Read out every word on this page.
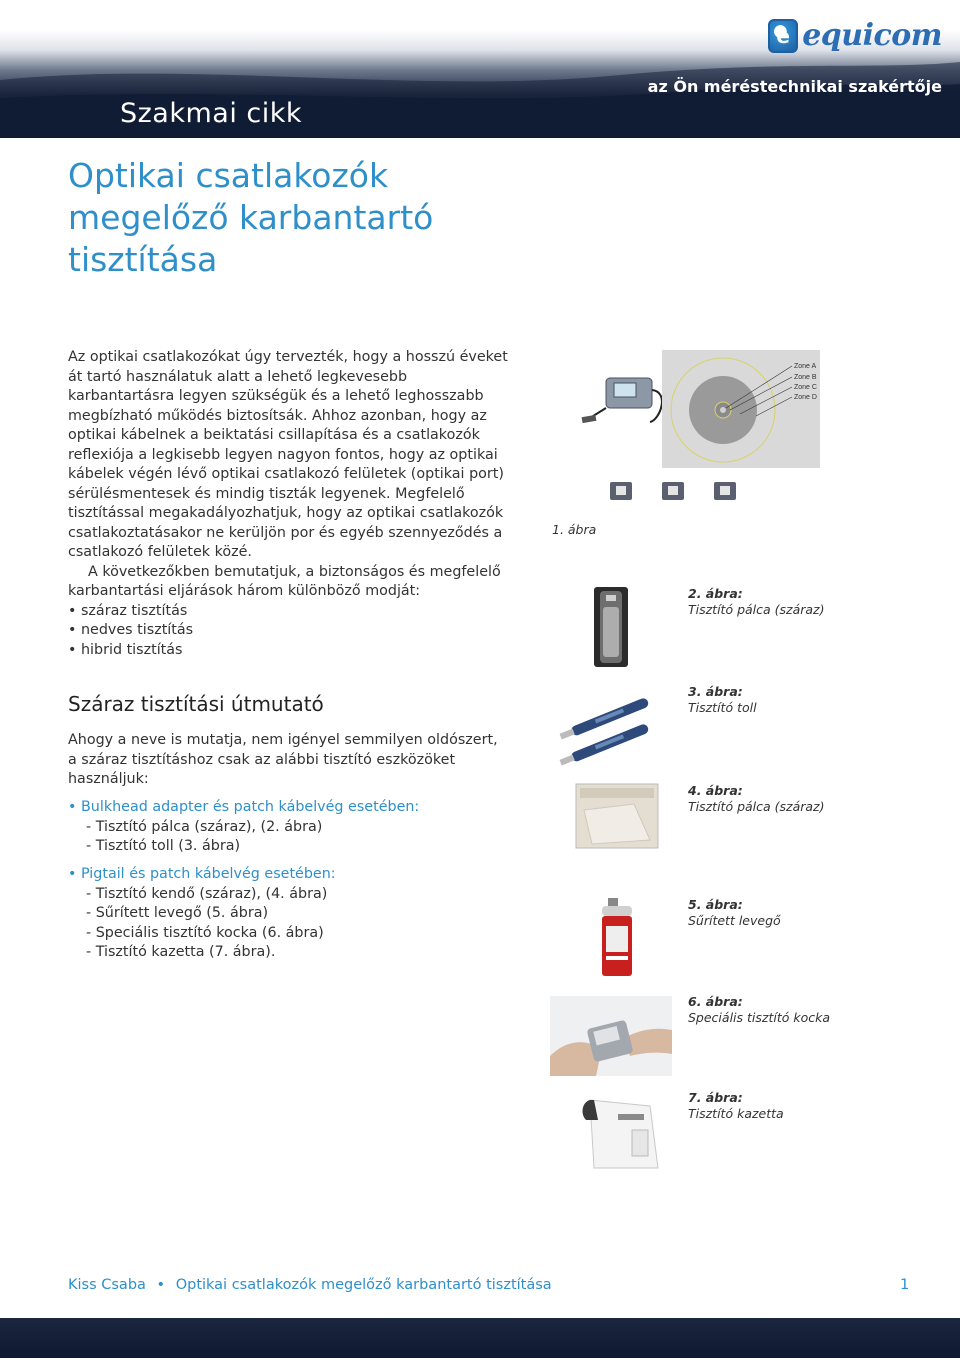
Szakmai cikk
e equicom
az Ön méréstechnikai szakértője
Optikai csatlakozók
megelőző karbantartó
tisztítása

Az optikai csatlakozókat úgy tervezték, hogy a hosszú éveket át tartó használatuk alatt a lehető legkevesebb karbantartásra legyen szükségük és a lehető leghosszabb megbízható működés biztosítsák. Ahhoz azonban, hogy az optikai kábelnek a beiktatási csillapítása és a csatlakozók reflexiója a legkisebb legyen nagyon fontos, hogy az optikai kábelek végén lévő optikai csatlakozó felületek (optikai port) sérülésmentesek és mindig tiszták legyenek. Megfelelő tisztítással megakadályozhatjuk, hogy az optikai csatlakozók csatlakoztatásakor ne kerüljön por és egyéb szennyeződés a csatlakozó felületek közé.

A következőkben bemutatjuk, a biztonságos és megfelelő karbantartási eljárások három különböző modját:

• száraz tisztítás
• nedves tisztítás
• hibrid tisztítás
Száraz tisztítási útmutató

Ahogy a neve is mutatja, nem igényel semmilyen oldószert, a száraz tisztításhoz csak az alábbi tisztító eszközöket használjuk:

• Bulkhead adapter és patch kábelvég esetében:

- Tisztító pálca (száraz), (2. ábra)
- Tisztító toll (3. ábra)

• Pigtail és patch kábelvég esetében:

- Tisztító kendő (száraz), (4. ábra)
- Sűrített levegő (5. ábra)
- Speciális tisztító kocka (6. ábra)
- Tisztító kazetta (7. ábra).
Zone A
Zone B
Zone C
Zone D
1. ábra
2. ábra:
Tisztító pálca (száraz)
3. ábra:
Tisztító toll
4. ábra:
Tisztító pálca (száraz)
5. ábra:
Sűrített levegő
6. ábra:
Speciális tisztító kocka
7. ábra:
Tisztító kazetta
Kiss Csaba • Optikai csatlakozók megelőző karbantartó tisztítása	1
